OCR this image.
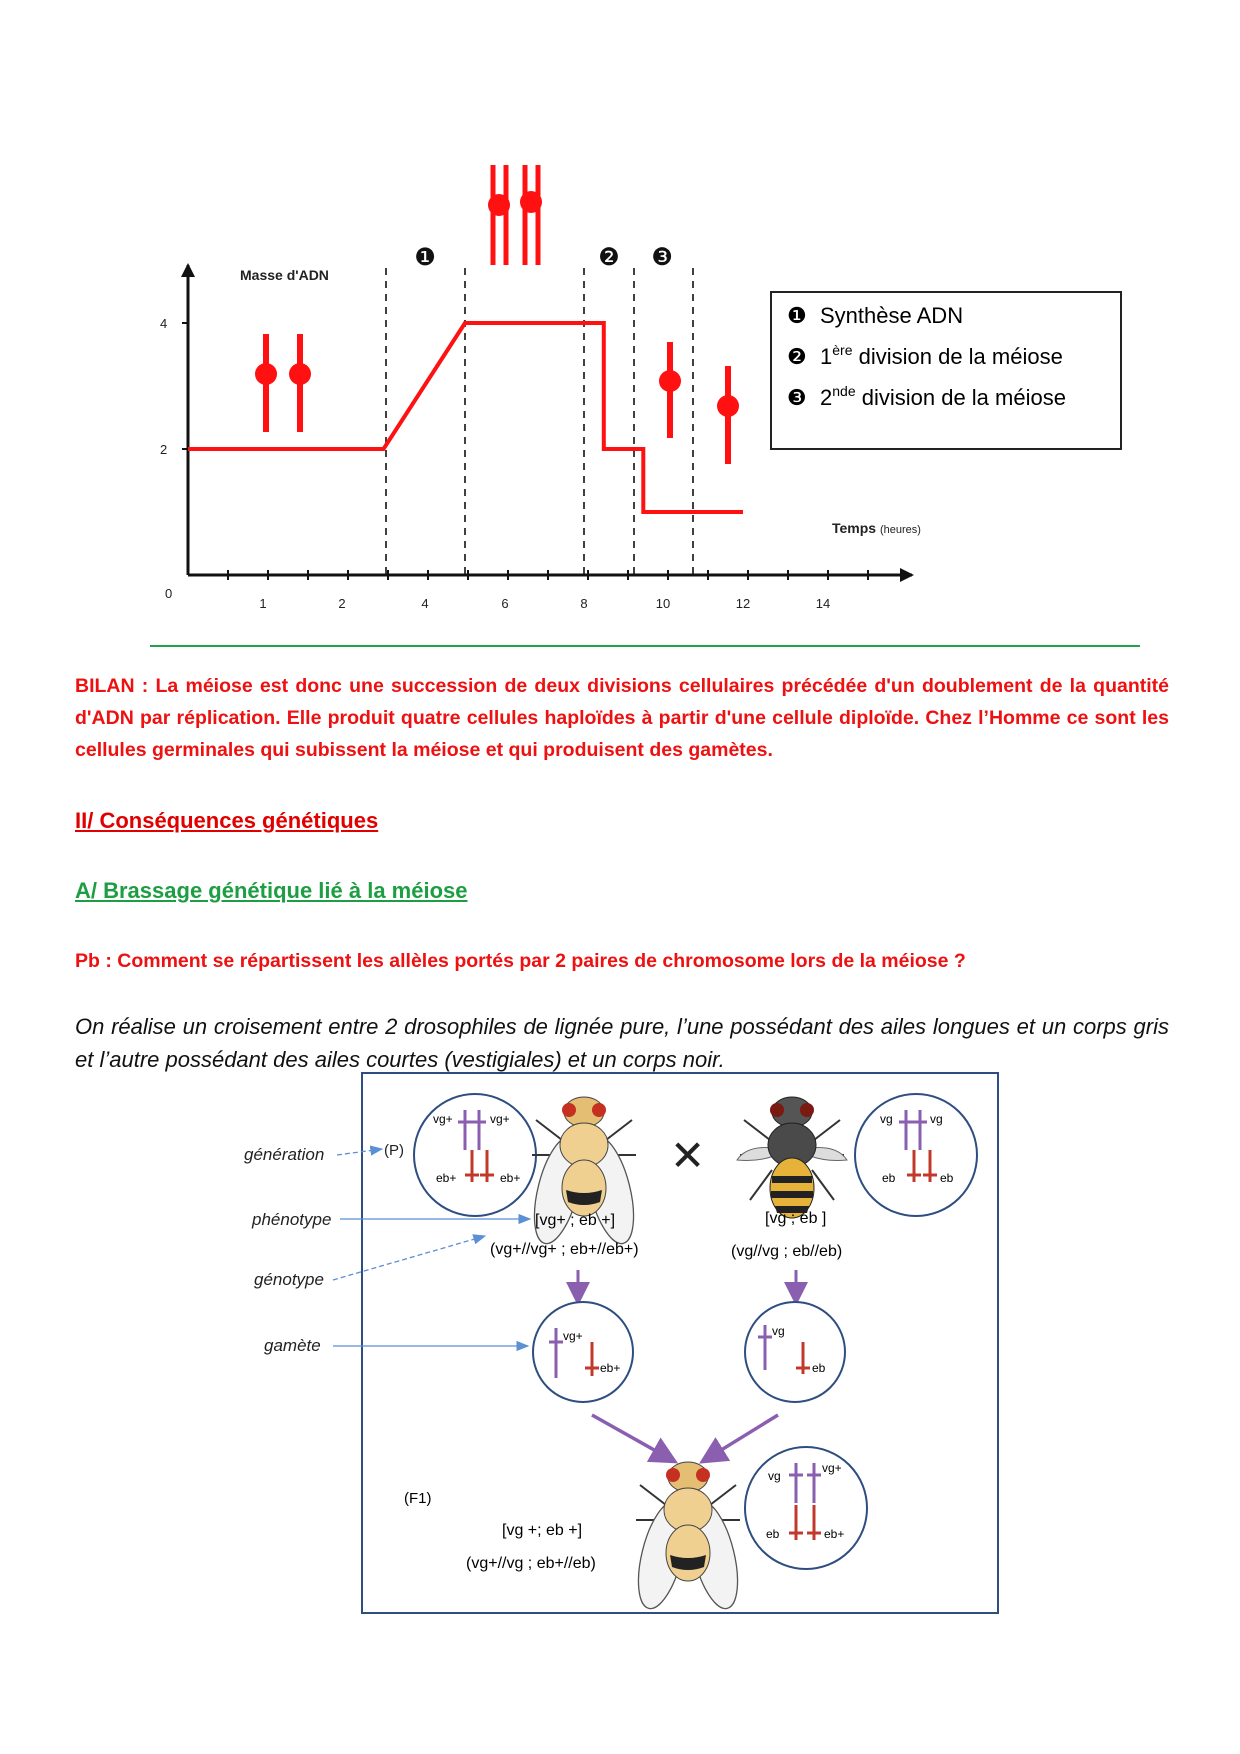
4
2
0
1	2	4	6	8	10	12	14
Masse d'ADN
Temps (heures)
❶	❷ ❸
❶ Synthèse ADN
❷ 1ère division de la méiose
❸ 2nde division de la méiose
BILAN : La méiose est donc une succession de deux divisions cellulaires précédée d'un doublement de la quantité d'ADN par réplication. Elle produit quatre cellules haploïdes à partir d'une cellule diploïde. Chez l’Homme ce sont les cellules germinales qui subissent la méiose et qui produisent des gamètes.
II/ Conséquences génétiques
A/ Brassage génétique lié à la méiose
Pb : Comment se répartissent les allèles portés par 2 paires de chromosome lors de la méiose ?
On réalise un croisement entre 2 drosophiles de lignée pure, l’une possédant des ailes longues et un corps gris et l’autre possédant des ailes courtes (vestigiales) et un corps noir.
génération
phénotype
génotype
gamète
(P)
vg+	vg+
eb+	eb+	✕
vg	vg
eb	eb
[vg+ ; eb +]
(vg+//vg+ ; eb+//eb+)
[vg ; eb ]
(vg//vg ; eb//eb)
vg+
eb+
vg
eb
(F1)
[vg +; eb +]
(vg+//vg ; eb+//eb)
vg
vg+
eb	eb+
